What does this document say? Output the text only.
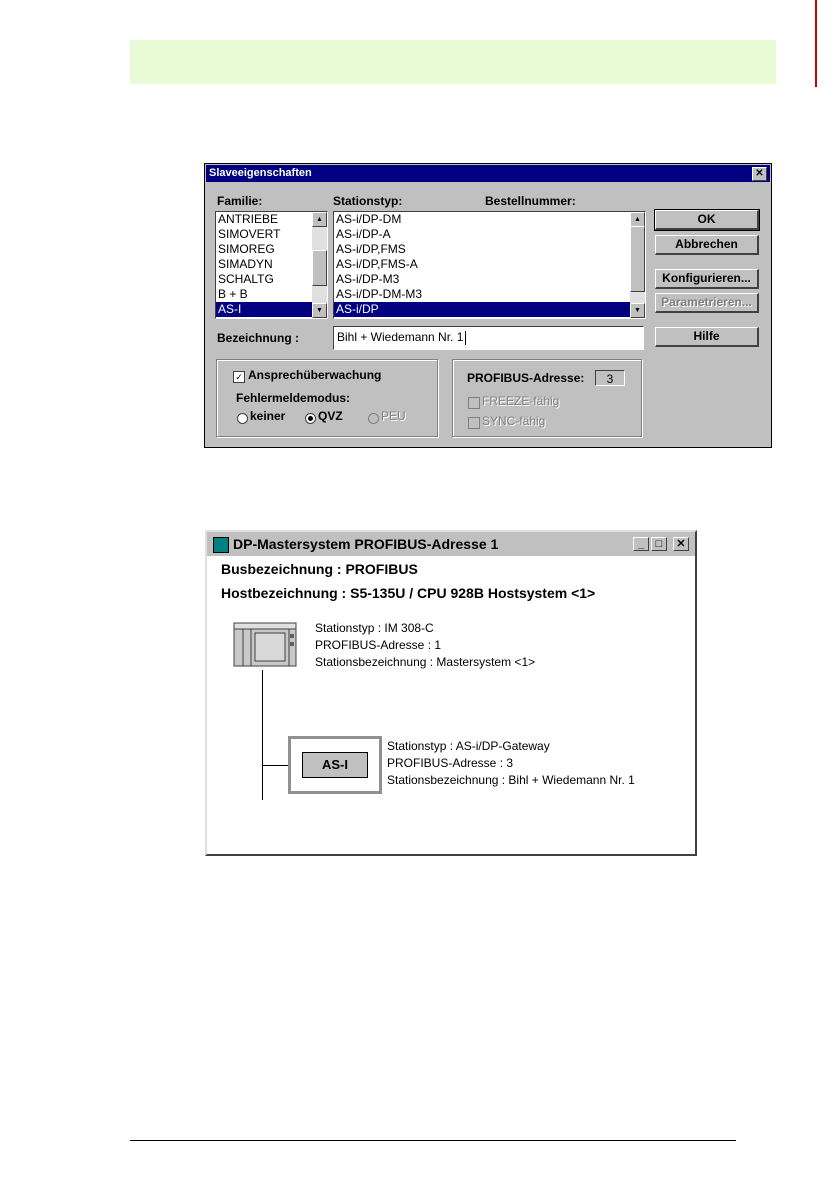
Slaveeigenschaften	✕
Familie:	Stationstyp:	Bestellnummer:
ANTRIEBE
SIMOVERT
SIMOREG
SIMADYN
SCHALTG
B + B
AS-I
▲
▼
AS-i/DP-DM
AS-i/DP-A
AS-i/DP,FMS
AS-i/DP,FMS-A
AS-i/DP-M3
AS-i/DP-DM-M3
AS-i/DP
▲
▼
OK
Abbrechen
Konfigurieren...
Parametrieren...
Hilfe
Bezeichnung :	Bihl + Wiedemann Nr. 1
✓ Ansprechüberwachung
Fehlermeldemodus:
keiner	QVZ	PEU
PROFIBUS-Adresse:	3
FREEZE-fähig
SYNC-fähig
DP-Mastersystem PROFIBUS-Adresse 1	_	□	✕
Busbezeichnung : PROFIBUS
Hostbezeichnung : S5-135U / CPU 928B Hostsystem <1>
Stationstyp : IM 308-C
PROFIBUS-Adresse : 1
Stationsbezeichnung : Mastersystem <1>
AS-I
Stationstyp : AS-i/DP-Gateway
PROFIBUS-Adresse : 3
Stationsbezeichnung : Bihl + Wiedemann Nr. 1
